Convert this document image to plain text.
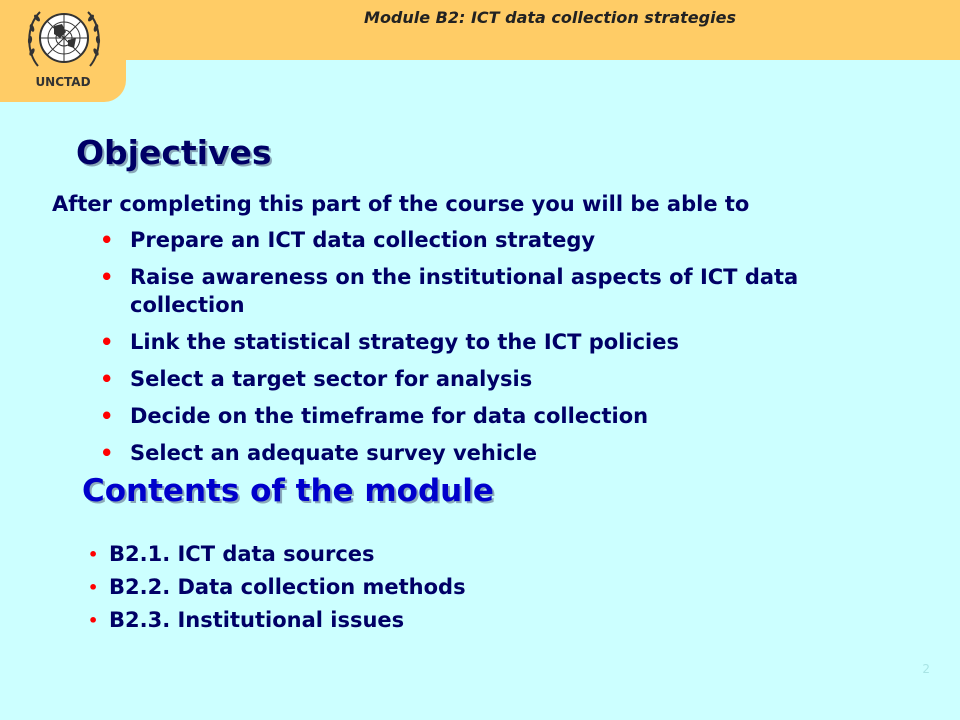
UNCTAD
Module B2: ICT data collection strategies
Objectives

After completing this part of the course you will be able to

• Prepare an ICT data collection strategy
• Raise awareness on the institutional aspects of ICT data collection
• Link the statistical strategy to the ICT policies
• Select a target sector for analysis
• Decide on the timeframe for data collection
• Select an adequate survey vehicle
Contents of the module
• B2.1. ICT data sources
• B2.2. Data collection methods
• B2.3. Institutional issues
2
